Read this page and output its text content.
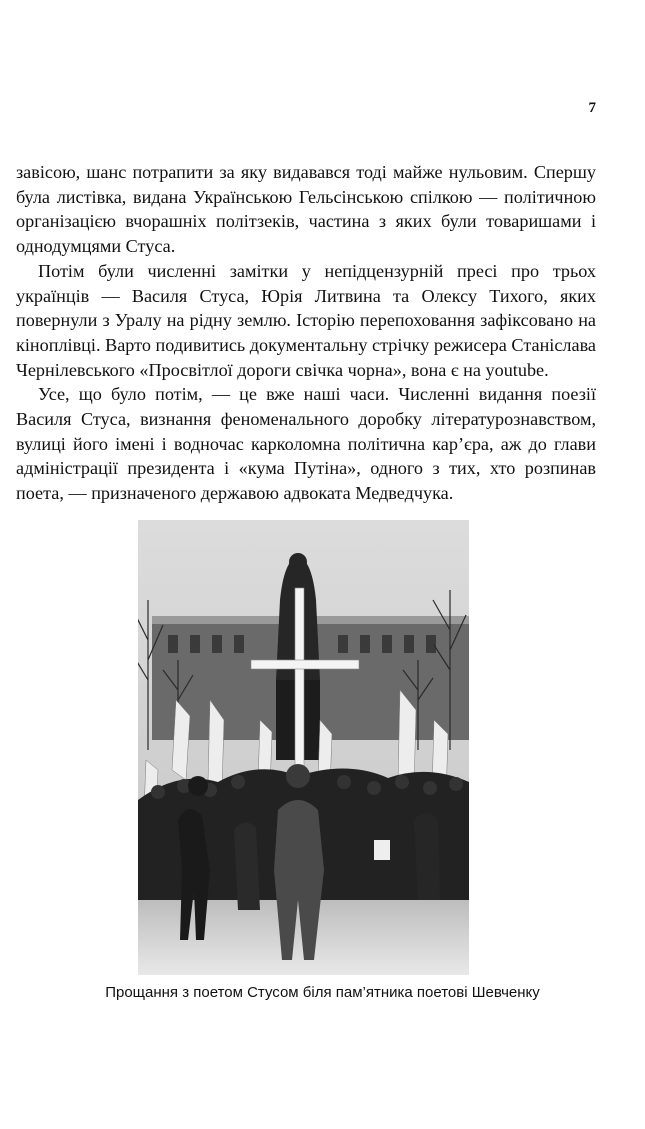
7

завісою, шанс потрапити за яку видавався тоді майже нульовим. Спершу була листівка, видана Українською Гельсінською спілкою — політичною організацією вчорашніх політзеків, частина з яких були товаришами і однодумцями Стуса.

Потім були численні замітки у непідцензурній пресі про трьох українців — Василя Стуса, Юрія Литвина та Олексу Тихого, яких повернули з Уралу на рідну землю. Історію перепоховання зафіксовано на кіноплівці. Варто подивитись документальну стрічку режисера Станіслава Чернілевського «Просвітлої дороги свічка чорна», вона є на youtube.

Усе, що було потім, — це вже наші часи. Численні видання поезії Василя Стуса, визнання феноменального доробку літературознавством, вулиці його імені і водночас карколомна політична кар’єра, аж до глави адміністрації президента і «кума Путіна», одного з тих, хто розпинав поета, — призначеного державою адвоката Медведчука.

Прощання з поетом Стусом біля пам’ятника поетові Шевченку
